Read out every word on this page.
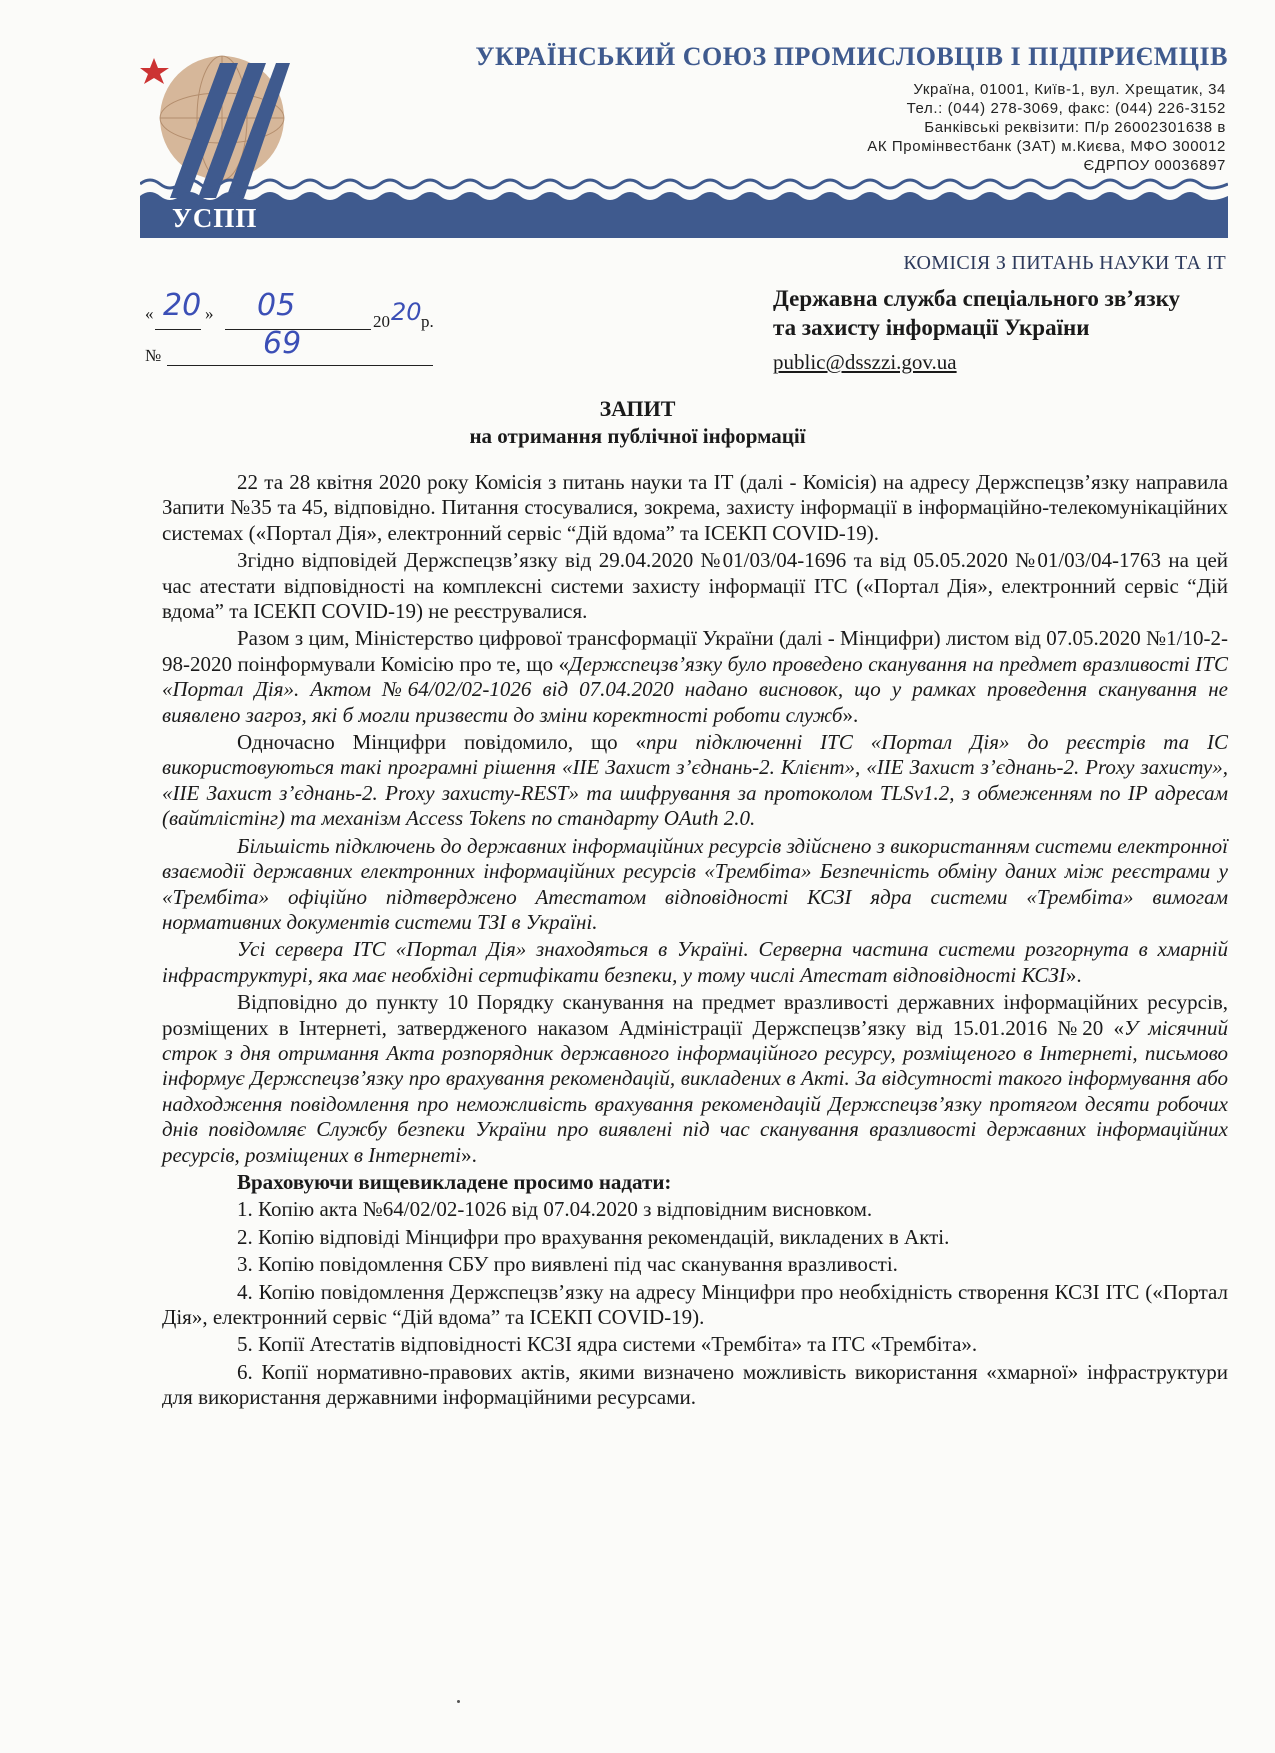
УКРАЇНСЬКИЙ СОЮЗ ПРОМИСЛОВЦІВ І ПІДПРИЄМЦІВ
Україна, 01001, Київ-1, вул. Хрещатик, 34
Тел.: (044) 278-3069, факс: (044) 226-3152
Банківські реквізити: П/р 26002301638 в
АК Промінвестбанк (ЗАТ) м.Києва, МФО 300012
ЄДРПОУ 00036897
УСПП
КОМІСІЯ З ПИТАНЬ НАУКИ ТА ІТ
Державна служба спеціального зв’язку
та захисту інформації України
public@dsszzi.gov.ua
« 20 » 05	20 20 р.
№	69
ЗАПИТ
на отримання публічної інформації

22 та 28 квітня 2020 року Комісія з питань науки та ІТ (далі - Комісія) на адресу Держспецзв’язку направила Запити №35 та 45, відповідно. Питання стосувалися, зокрема, захисту інформації в інформаційно-телекомунікаційних системах («Портал Дія», електронний сервіс “Дій вдома” та ІСЕКП COVID-19).

Згідно відповідей Держспецзв’язку від 29.04.2020 №01/03/04-1696 та від 05.05.2020 №01/03/04-1763 на цей час атестати відповідності на комплексні системи захисту інформації ІТС («Портал Дія», електронний сервіс “Дій вдома” та ІСЕКП COVID-19) не реєструвалися.

Разом з цим, Міністерство цифрової трансформації України (далі - Мінцифри) листом від 07.05.2020 №1/10-2-98-2020 поінформували Комісію про те, що «Держспецзв’язку було проведено сканування на предмет вразливості ІТС «Портал Дія». Актом №64/02/02-1026 від 07.04.2020 надано висновок, що у рамках проведення сканування не виявлено загроз, які б могли призвести до зміни коректності роботи служб».

Одночасно Мінцифри повідомило, що «при підключенні ІТС «Портал Дія» до реєстрів та ІС використовуються такі програмні рішення «ІІЕ Захист з’єднань-2. Клієнт», «ІІЕ Захист з’єднань-2. Proxy захисту», «ІІЕ Захист з’єднань-2. Proxy захисту-REST» та шифрування за протоколом TLSv1.2, з обмеженням по IP адресам (вайтлістінг) та механізм Access Tokens по стандарту OAuth 2.0.

Більшість підключень до державних інформаційних ресурсів здійснено з використанням системи електронної взаємодії державних електронних інформаційних ресурсів «Трембіта» Безпечність обміну даних між реєстрами у «Трембіта» офіційно підтверджено Атестатом відповідності КСЗІ ядра системи «Трембіта» вимогам нормативних документів системи ТЗІ в Україні.

Усі сервера ІТС «Портал Дія» знаходяться в Україні. Серверна частина системи розгорнута в хмарній інфраструктурі, яка має необхідні сертифікати безпеки, у тому числі Атестат відповідності КСЗІ».

Відповідно до пункту 10 Порядку сканування на предмет вразливості державних інформаційних ресурсів, розміщених в Інтернеті, затвердженого наказом Адміністрації Держспецзв’язку від 15.01.2016 №20 «У місячний строк з дня отримання Акта розпорядник державного інформаційного ресурсу, розміщеного в Інтернеті, письмово інформує Держспецзв’язку про врахування рекомендацій, викладених в Акті. За відсутності такого інформування або надходження повідомлення про неможливість врахування рекомендацій Держспецзв’язку протягом десяти робочих днів повідомляє Службу безпеки України про виявлені під час сканування вразливості державних інформаційних ресурсів, розміщених в Інтернеті».

Враховуючи вищевикладене просимо надати:

1. Копію акта №64/02/02-1026 від 07.04.2020 з відповідним висновком.

2. Копію відповіді Мінцифри про врахування рекомендацій, викладених в Акті.

3. Копію повідомлення СБУ про виявлені під час сканування вразливості.

4. Копію повідомлення Держспецзв’язку на адресу Мінцифри про необхідність створення КСЗІ ІТС («Портал Дія», електронний сервіс “Дій вдома” та ІСЕКП COVID-19).

5. Копії Атестатів відповідності КСЗІ ядра системи «Трембіта» та ІТС «Трембіта».

6. Копії нормативно-правових актів, якими визначено можливість використання «хмарної» інфраструктури для використання державними інформаційними ресурсами.
